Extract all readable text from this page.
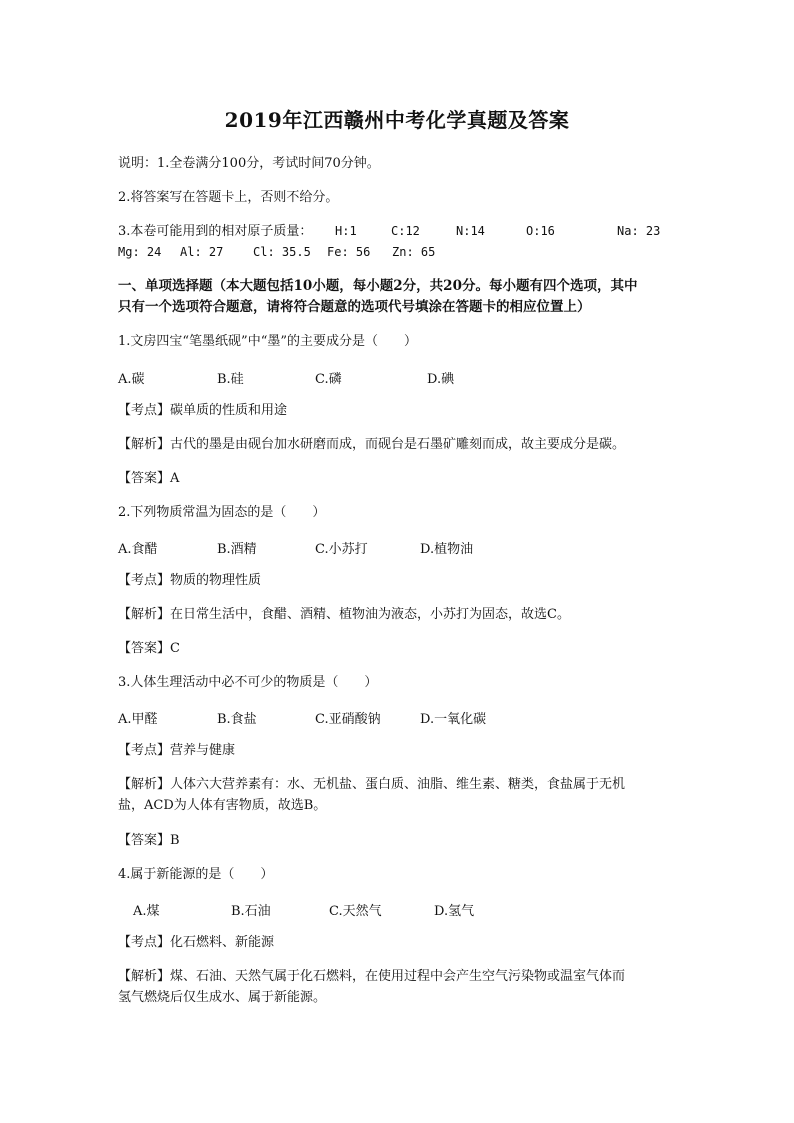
2019年江西赣州中考化学真题及答案
说明：1.全卷满分100分，考试时间70分钟。
2.将答案写在答题卡上，否则不给分。
3.本卷可能用到的相对原子质量： H:1	C:12	N:14	O:16	Na: 23
Mg: 24 Al: 27 Cl: 35.5 Fe: 56 Zn: 65
一、单项选择题（本大题包括10小题，每小题2分，共20分。每小题有四个选项，其中
只有一个选项符合题意，请将符合题意的选项代号填涂在答题卡的相应位置上）
1.文房四宝“笔墨纸砚”中“墨”的主要成分是（　　）
A.碳	B.硅	C.磷	D.碘
【考点】碳单质的性质和用途
【解析】古代的墨是由砚台加水研磨而成，而砚台是石墨矿雕刻而成，故主要成分是碳。
【答案】A
2.下列物质常温为固态的是（　　）
A.食醋	B.酒精	C.小苏打	D.植物油
【考点】物质的物理性质
【解析】在日常生活中，食醋、酒精、植物油为液态，小苏打为固态，故选C。
【答案】C
3.人体生理活动中必不可少的物质是（　　）
A.甲醛	B.食盐	C.亚硝酸钠	D.一氧化碳
【考点】营养与健康
【解析】人体六大营养素有：水、无机盐、蛋白质、油脂、维生素、糖类，食盐属于无机
盐，ACD为人体有害物质，故选B。
【答案】B
4.属于新能源的是（　　）
A.煤	B.石油	C.天然气	D.氢气
【考点】化石燃料、新能源
【解析】煤、石油、天然气属于化石燃料，在使用过程中会产生空气污染物或温室气体而
氢气燃烧后仅生成水、属于新能源。
